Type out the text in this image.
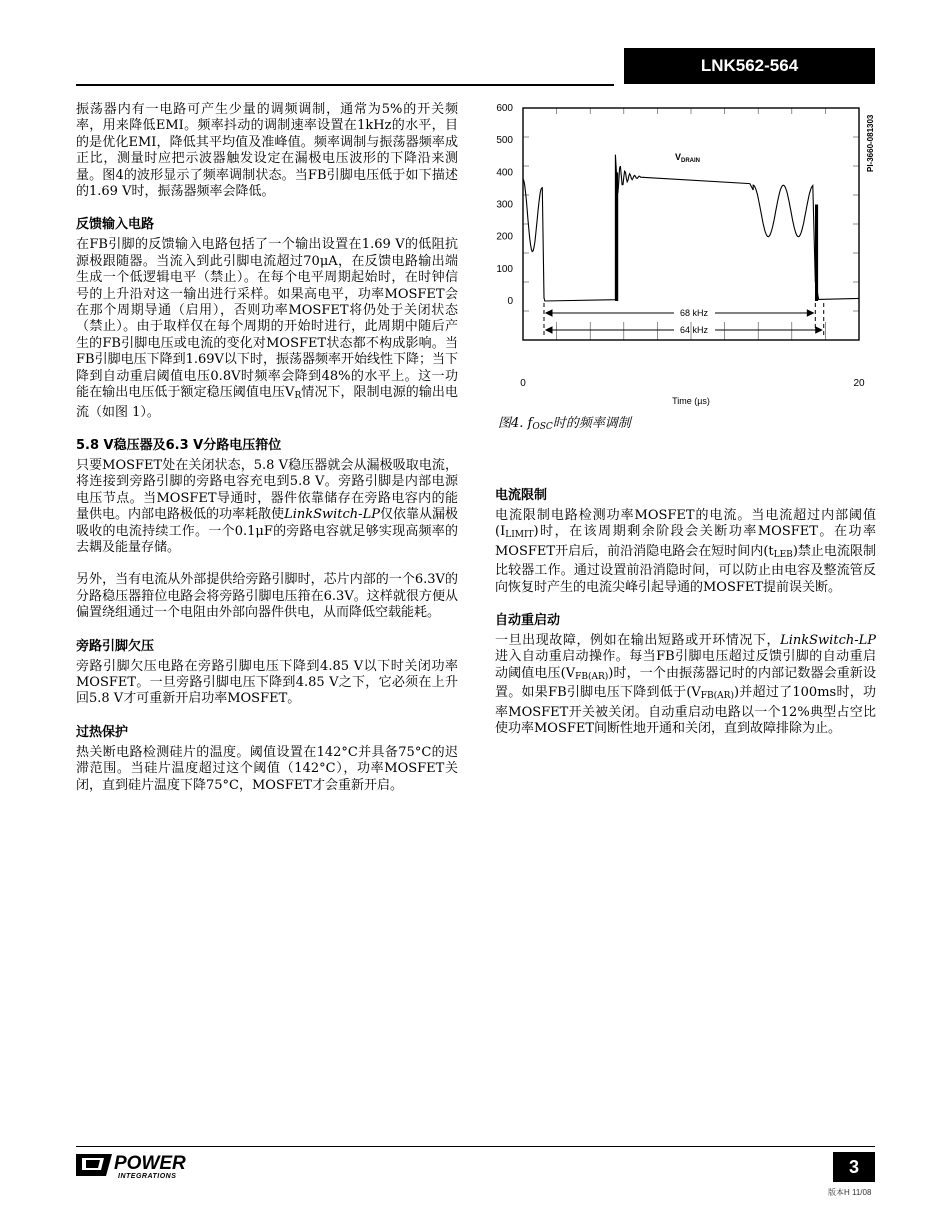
LNK562-564

振荡器内有一电路可产生少量的调频调制，通常为5%的开关频率，用来降低EMI。频率抖动的调制速率设置在1kHz的水平，目的是优化EMI，降低其平均值及准峰值。频率调制与振荡器频率成正比，测量时应把示波器触发设定在漏极电压波形的下降沿来测量。图4的波形显示了频率调制状态。当FB引脚电压低于如下描述的1.69 V时，振荡器频率会降低。

反馈输入电路

在FB引脚的反馈输入电路包括了一个输出设置在1.69 V的低阻抗源极跟随器。当流入到此引脚电流超过70μA，在反馈电路输出端生成一个低逻辑电平（禁止）。在每个电平周期起始时，在时钟信号的上升沿对这一输出进行采样。如果高电平，功率MOSFET会在那个周期导通（启用），否则功率MOSFET将仍处于关闭状态（禁止）。由于取样仅在每个周期的开始时进行，此周期中随后产生的FB引脚电压或电流的变化对MOSFET状态都不构成影响。当FB引脚电压下降到1.69V以下时，振荡器频率开始线性下降；当下降到自动重启阈值电压0.8V时频率会降到48%的水平上。这一功能在输出电压低于额定稳压阈值电压$V_R$情况下，限制电源的输出电流（如图 1）。

5.8 V稳压器及6.3 V分路电压箝位

只要MOSFET处在关闭状态，5.8 V稳压器就会从漏极吸取电流，将连接到旁路引脚的旁路电容充电到5.8 V。旁路引脚是内部电源电压节点。当MOSFET导通时，器件依靠储存在旁路电容内的能量供电。内部电路极低的功率耗散使LinkSwitch-LP仅依靠从漏极吸收的电流持续工作。一个0.1μF的旁路电容就足够实现高频率的去耦及能量存储。

另外，当有电流从外部提供给旁路引脚时，芯片内部的一个6.3V的分路稳压器箝位电路会将旁路引脚电压箝在6.3V。这样就很方便从偏置绕组通过一个电阻由外部向器件供电，从而降低空载能耗。

旁路引脚欠压

旁路引脚欠压电路在旁路引脚电压下降到4.85 V以下时关闭功率MOSFET。一旦旁路引脚电压下降到4.85 V之下，它必须在上升回5.8 V才可重新开启功率MOSFET。

过热保护

热关断电路检测硅片的温度。阈值设置在142°C并具备75°C的迟滞范围。当硅片温度超过这个阈值（142°C），功率MOSFET关闭，直到硅片温度下降75°C，MOSFET才会重新开启。

600
500
400
300
200
100
0
$V_{DRAIN}$
68 kHz
64 kHz
0	20
Time (µs)
PI-3660-081303
图4. $f_{OSC}$时的频率调制
电流限制

电流限制电路检测功率MOSFET的电流。当电流超过内部阈值$(I_{LIMIT})$时，在该周期剩余阶段会关断功率MOSFET。在功率MOSFET开启后，前沿消隐电路会在短时间内$(t_{LEB})$禁止电流限制比较器工作。通过设置前沿消隐时间，可以防止由电容及整流管反向恢复时产生的电流尖峰引起导通的MOSFET提前误关断。

自动重启动

一旦出现故障，例如在输出短路或开环情况下，LinkSwitch-LP进入自动重启动操作。每当FB引脚电压超过反馈引脚的自动重启动阈值电压$(V_{FB(AR)})$时，一个由振荡器记时的内部记数器会重新设置。如果FB引脚电压下降到低于$(V_{FB(AR)})$并超过了100ms时，功率MOSFET开关被关闭。自动重启动电路以一个12%典型占空比使功率MOSFET间断性地开通和关闭，直到故障排除为止。

POWER
INTEGRATIONS	3
版本H 11/08
